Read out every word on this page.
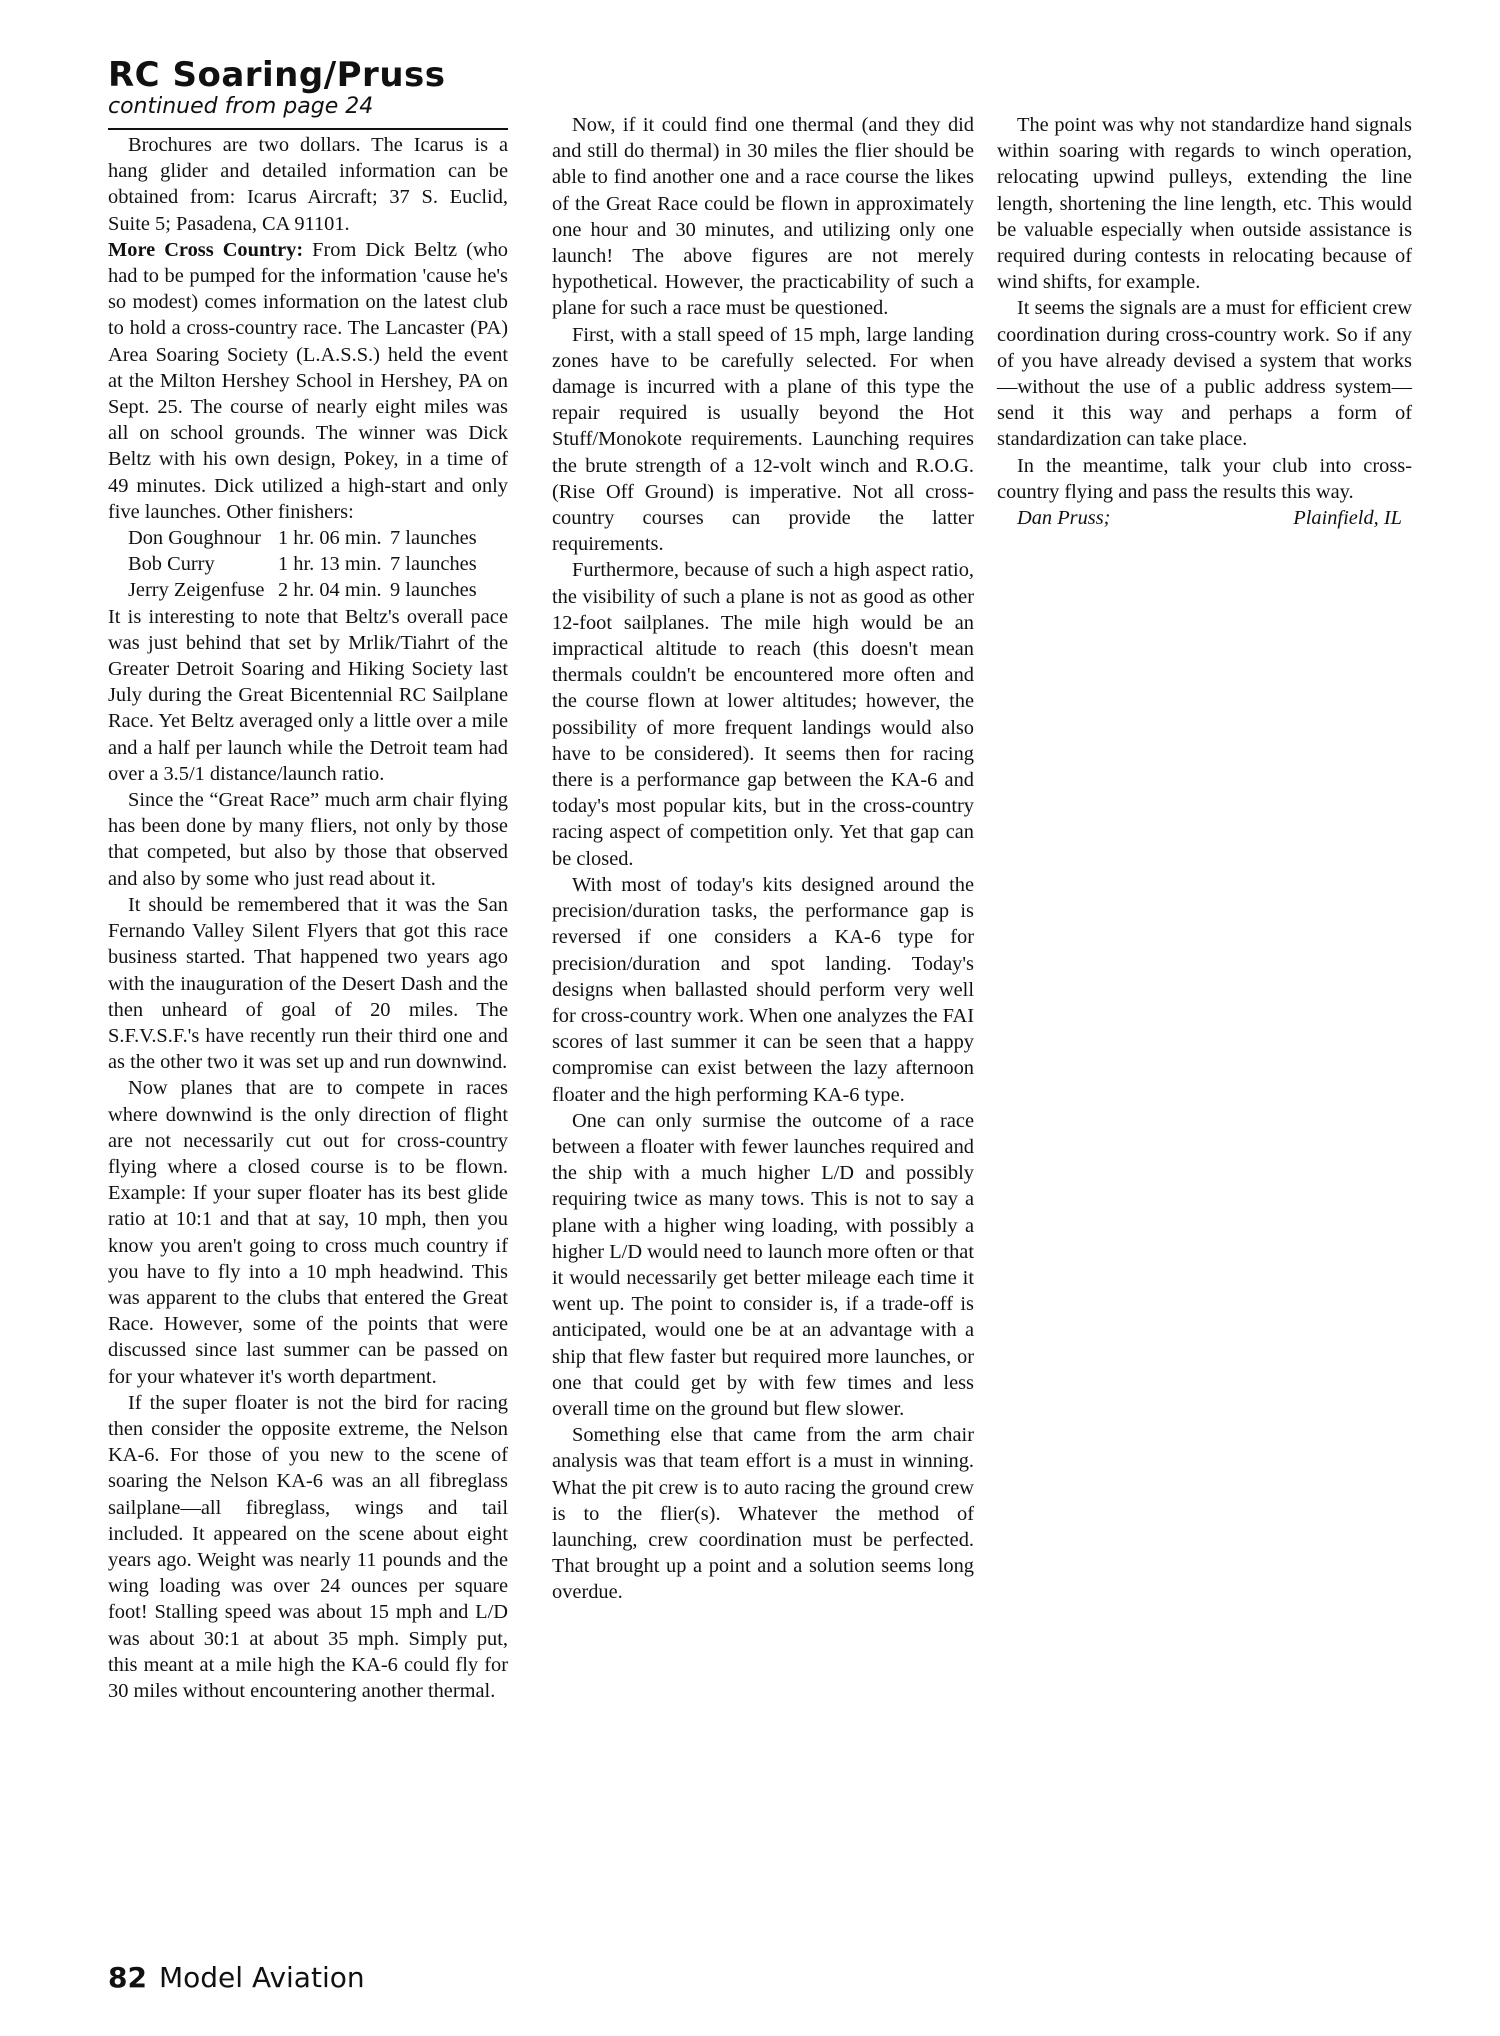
RC Soaring/Pruss
continued from page 24

Brochures are two dollars. The Icarus is a hang glider and detailed information can be obtained from: Icarus Aircraft; 37 S. Euclid, Suite 5; Pasadena, CA 91101.

More Cross Country: From Dick Beltz (who had to be pumped for the information 'cause he's so modest) comes information on the latest club to hold a cross-country race. The Lancaster (PA) Area Soaring Society (L.A.S.S.) held the event at the Milton Hershey School in Hershey, PA on Sept. 25. The course of nearly eight miles was all on school grounds. The winner was Dick Beltz with his own design, Pokey, in a time of 49 minutes. Dick utilized a high-start and only five launches. Other finishers:

Don Goughnour 1 hr. 06 min. 7 launches
Bob Curry	1 hr. 13 min. 7 launches
Jerry Zeigenfuse 2 hr. 04 min. 9 launches

It is interesting to note that Beltz's overall pace was just behind that set by Mrlik/Tiahrt of the Greater Detroit Soaring and Hiking Society last July during the Great Bicentennial RC Sailplane Race. Yet Beltz averaged only a little over a mile and a half per launch while the Detroit team had over a 3.5/1 distance/launch ratio.

Since the “Great Race” much arm chair flying has been done by many fliers, not only by those that competed, but also by those that observed and also by some who just read about it.

It should be remembered that it was the San Fernando Valley Silent Flyers that got this race business started. That happened two years ago with the inauguration of the Desert Dash and the then unheard of goal of 20 miles. The S.F.V.S.F.'s have recently run their third one and as the other two it was set up and run downwind.

Now planes that are to compete in races where downwind is the only direction of flight are not necessarily cut out for cross-country flying where a closed course is to be flown. Example: If your super floater has its best glide ratio at 10:1 and that at say, 10 mph, then you know you aren't going to cross much country if you have to fly into a 10 mph headwind. This was apparent to the clubs that entered the Great Race. However, some of the points that were discussed since last summer can be passed on for your whatever it's worth department.

If the super floater is not the bird for racing then consider the opposite extreme, the Nelson KA-6. For those of you new to the scene of soaring the Nelson KA-6 was an all fibreglass sailplane—all fibreglass, wings and tail included. It appeared on the scene about eight years ago. Weight was nearly 11 pounds and the wing loading was over 24 ounces per square foot! Stalling speed was about 15 mph and L/D was about 30:1 at about 35 mph. Simply put, this meant at a mile high the KA-6 could fly for 30 miles without encountering another thermal.

Now, if it could find one thermal (and they did and still do thermal) in 30 miles the flier should be able to find another one and a race course the likes of the Great Race could be flown in approximately one hour and 30 minutes, and utilizing only one launch! The above figures are not merely hypothetical. However, the practicability of such a plane for such a race must be questioned.

First, with a stall speed of 15 mph, large landing zones have to be carefully selected. For when damage is incurred with a plane of this type the repair required is usually beyond the Hot Stuff/Monokote requirements. Launching requires the brute strength of a 12-volt winch and R.O.G. (Rise Off Ground) is imperative. Not all cross-country courses can provide the latter requirements.

Furthermore, because of such a high aspect ratio, the visibility of such a plane is not as good as other 12-foot sailplanes. The mile high would be an impractical altitude to reach (this doesn't mean thermals couldn't be encountered more often and the course flown at lower altitudes; however, the possibility of more frequent landings would also have to be considered). It seems then for racing there is a performance gap between the KA-6 and today's most popular kits, but in the cross-country racing aspect of competition only. Yet that gap can be closed.

With most of today's kits designed around the precision/duration tasks, the performance gap is reversed if one considers a KA-6 type for precision/duration and spot landing. Today's designs when ballasted should perform very well for cross-country work. When one analyzes the FAI scores of last summer it can be seen that a happy compromise can exist between the lazy afternoon floater and the high performing KA-6 type.

One can only surmise the outcome of a race between a floater with fewer launches required and the ship with a much higher L/D and possibly requiring twice as many tows. This is not to say a plane with a higher wing loading, with possibly a higher L/D would need to launch more often or that it would necessarily get better mileage each time it went up. The point to consider is, if a trade-off is anticipated, would one be at an advantage with a ship that flew faster but required more launches, or one that could get by with few times and less overall time on the ground but flew slower.

Something else that came from the arm chair analysis was that team effort is a must in winning. What the pit crew is to auto racing the ground crew is to the flier(s). Whatever the method of launching, crew coordination must be perfected. That brought up a point and a solution seems long overdue.

The point was why not standardize hand signals within soaring with regards to winch operation, relocating upwind pulleys, extending the line length, shortening the line length, etc. This would be valuable especially when outside assistance is required during contests in relocating because of wind shifts, for example.

It seems the signals are a must for efficient crew coordination during cross-country work. So if any of you have already devised a system that works—without the use of a public address system—send it this way and perhaps a form of standardization can take place.

In the meantime, talk your club into cross-country flying and pass the results this way.

Dan Pruss;	Plainfield, IL
82 Model Aviation
